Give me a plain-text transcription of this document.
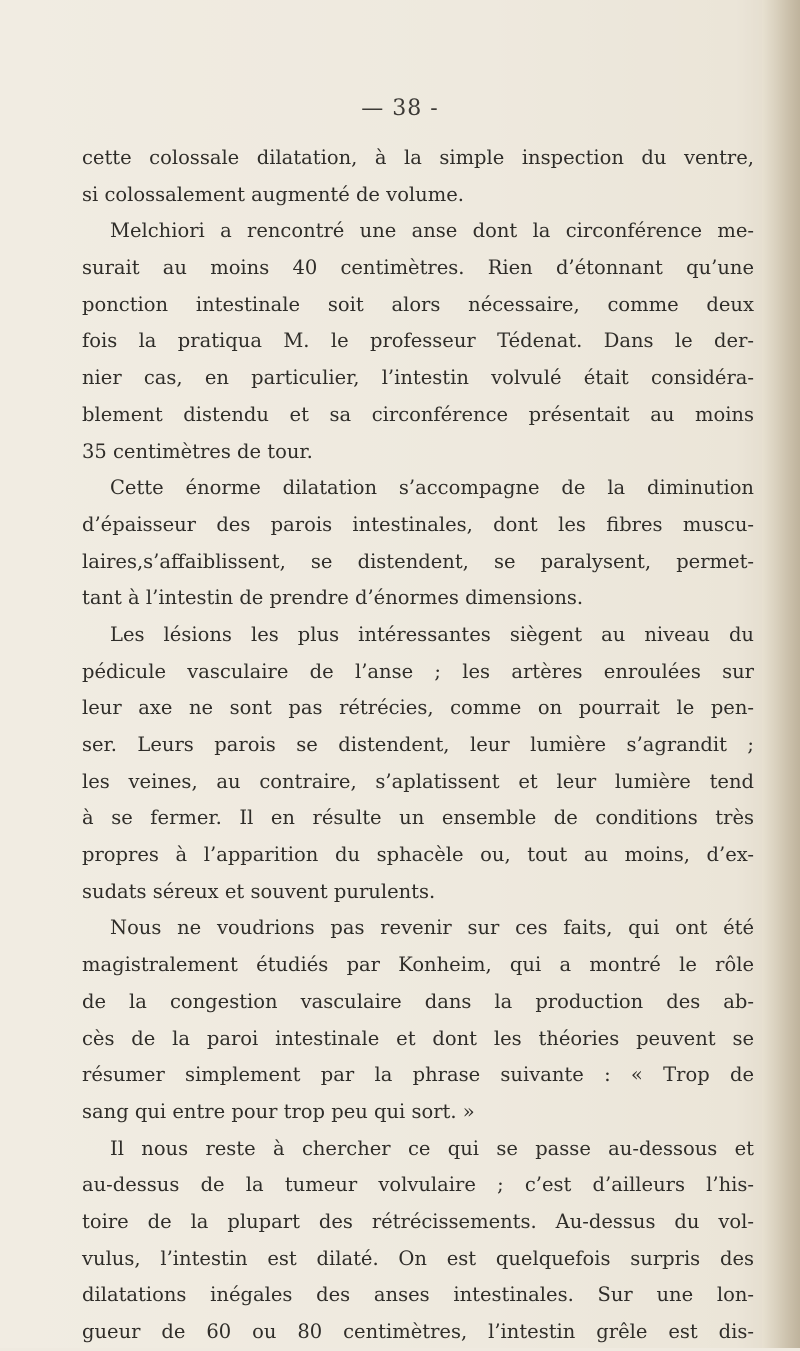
— 38 -
cette colossale dilatation, à la simple inspection du ventre,
si colossalement augmenté de volume.
Melchiori a rencontré une anse dont la circonférence me-
surait au moins 40 centimètres. Rien d’étonnant qu’une
ponction intestinale soit alors nécessaire, comme deux
fois la pratiqua M. le professeur Tédenat. Dans le der-
nier cas, en particulier, l’intestin volvulé était considéra-
blement distendu et sa circonférence présentait au moins
35 centimètres de tour.
Cette énorme dilatation s’accompagne de la diminution
d’épaisseur des parois intestinales, dont les fibres muscu-
laires,s’affaiblissent, se distendent, se paralysent, permet-
tant à l’intestin de prendre d’énormes dimensions.
Les lésions les plus intéressantes siègent au niveau du
pédicule vasculaire de l’anse ; les artères enroulées sur
leur axe ne sont pas rétrécies, comme on pourrait le pen-
ser. Leurs parois se distendent, leur lumière s’agrandit ;
les veines, au contraire, s’aplatissent et leur lumière tend
à se fermer. Il en résulte un ensemble de conditions très
propres à l’apparition du sphacèle ou, tout au moins, d’ex-
sudats séreux et souvent purulents.
Nous ne voudrions pas revenir sur ces faits, qui ont été
magistralement étudiés par Konheim, qui a montré le rôle
de la congestion vasculaire dans la production des ab-
cès de la paroi intestinale et dont les théories peuvent se
résumer simplement par la phrase suivante : « Trop de
sang qui entre pour trop peu qui sort. »
Il nous reste à chercher ce qui se passe au-dessous et
au-dessus de la tumeur volvulaire ; c’est d’ailleurs l’his-
toire de la plupart des rétrécissements. Au-dessus du vol-
vulus, l’intestin est dilaté. On est quelquefois surpris des
dilatations inégales des anses intestinales. Sur une lon-
gueur de 60 ou 80 centimètres, l’intestin grêle est dis-
